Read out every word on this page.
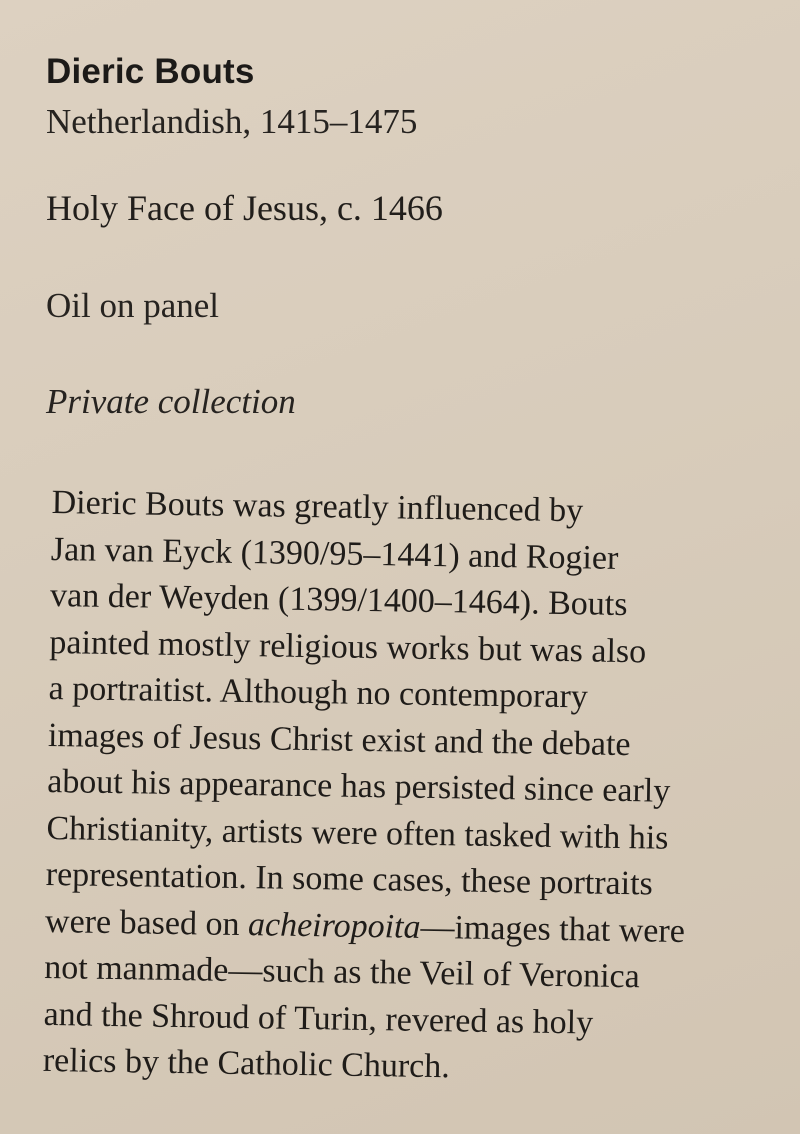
Dieric Bouts

Netherlandish, 1415–1475

Holy Face of Jesus, c. 1466

Oil on panel

Private collection

Dieric Bouts was greatly influenced by
Jan van Eyck (1390/95–1441) and Rogier
van der Weyden (1399/1400–1464). Bouts
painted mostly religious works but was also
a portraitist. Although no contemporary
images of Jesus Christ exist and the debate
about his appearance has persisted since early
Christianity, artists were often tasked with his
representation. In some cases, these portraits
were based on acheiropoita—images that were
not manmade—such as the Veil of Veronica
and the Shroud of Turin, revered as holy
relics by the Catholic Church.
